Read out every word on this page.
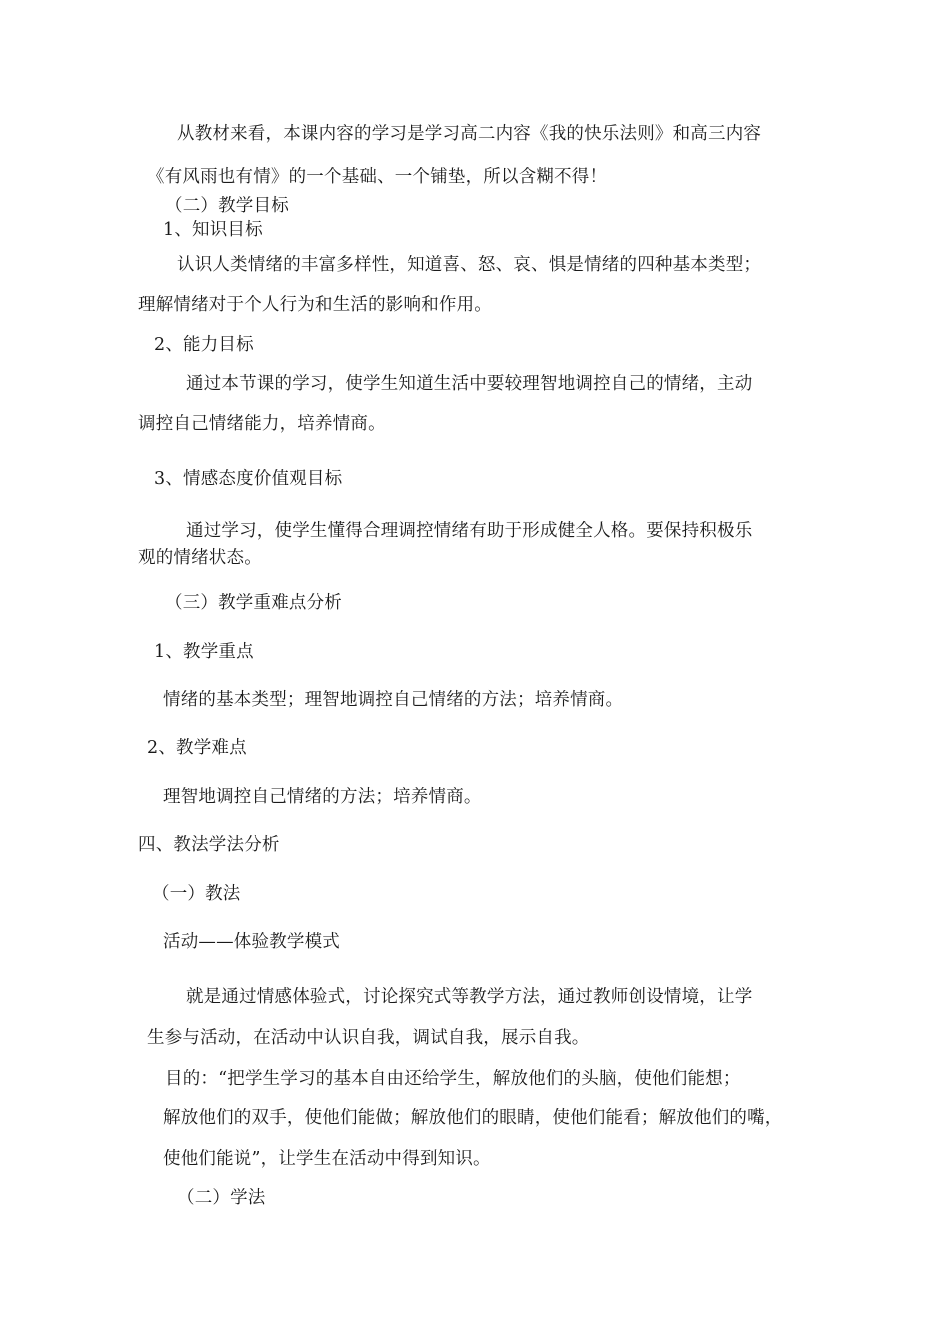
从教材来看，本课内容的学习是学习高二内容《我的快乐法则》和高三内容
《有风雨也有情》的一个基础、一个铺垫，所以含糊不得！
（二）教学目标
1、知识目标
认识人类情绪的丰富多样性，知道喜、怒、哀、惧是情绪的四种基本类型；
理解情绪对于个人行为和生活的影响和作用。
2、能力目标
通过本节课的学习，使学生知道生活中要较理智地调控自己的情绪，主动
调控自己情绪能力，培养情商。
3、情感态度价值观目标
通过学习，使学生懂得合理调控情绪有助于形成健全人格。要保持积极乐
观的情绪状态。
（三）教学重难点分析
1、教学重点
情绪的基本类型；理智地调控自己情绪的方法；培养情商。
2、教学难点
理智地调控自己情绪的方法；培养情商。
四、教法学法分析
（一）教法
活动——体验教学模式
就是通过情感体验式，讨论探究式等教学方法，通过教师创设情境，让学
生参与活动，在活动中认识自我，调试自我，展示自我。
目的：“把学生学习的基本自由还给学生，解放他们的头脑，使他们能想；
解放他们的双手，使他们能做；解放他们的眼睛，使他们能看；解放他们的嘴，
使他们能说”，让学生在活动中得到知识。
（二）学法
